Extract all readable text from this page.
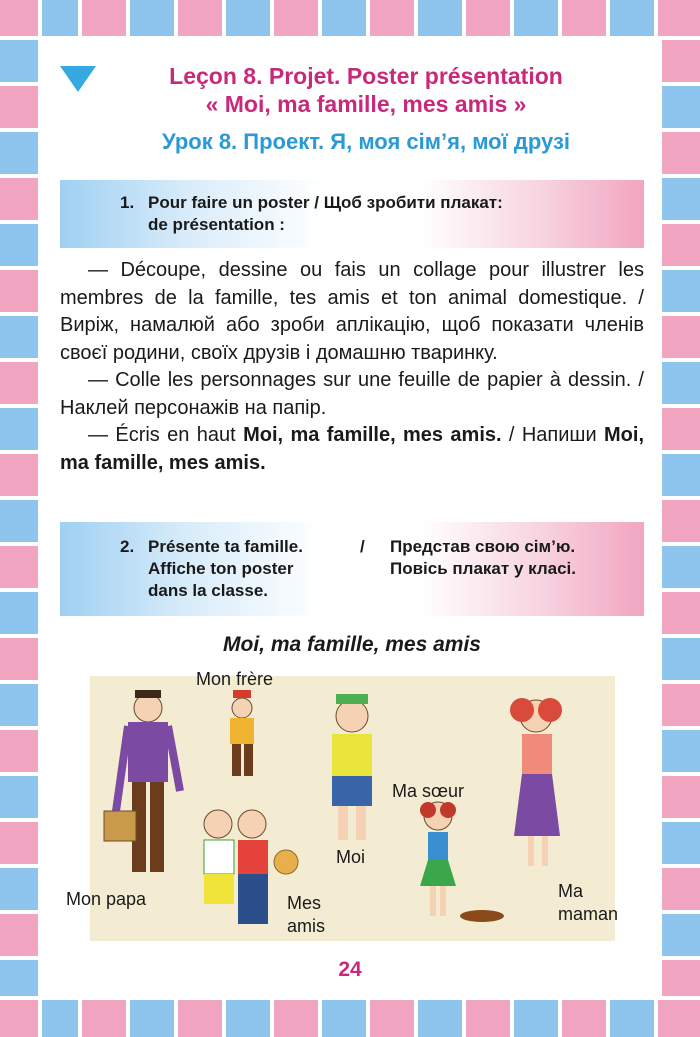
Leçon 8. Projet. Poster présentation
« Moi, ma famille, mes amis »
Урок 8. Проект. Я, моя сім’я, мої друзі
1. Pour faire un poster / Щоб зробити плакат:
de présentation :

— Découpe, dessine ou fais un collage pour illustrer les membres de la famille, tes amis et ton animal domestique. / Виріж, намалюй або зроби аплікацію, щоб показати членів своєї родини, своїх друзів і домашню тваринку.

— Colle les personnages sur une feuille de papier à dessin. / Наклей персонажів на папір.

— Écris en haut Moi, ma famille, mes amis. / Напиши Moi, ma famille, mes amis.

2. Présente ta famille.
Affiche ton poster
dans la classe.
/ Представ свою сім’ю.
Повісь плакат у класі.
Moi, ma famille, mes amis
Mon frère
Ma sœur
Moi
Mon papa	Mes
amis
Ma
maman
24
